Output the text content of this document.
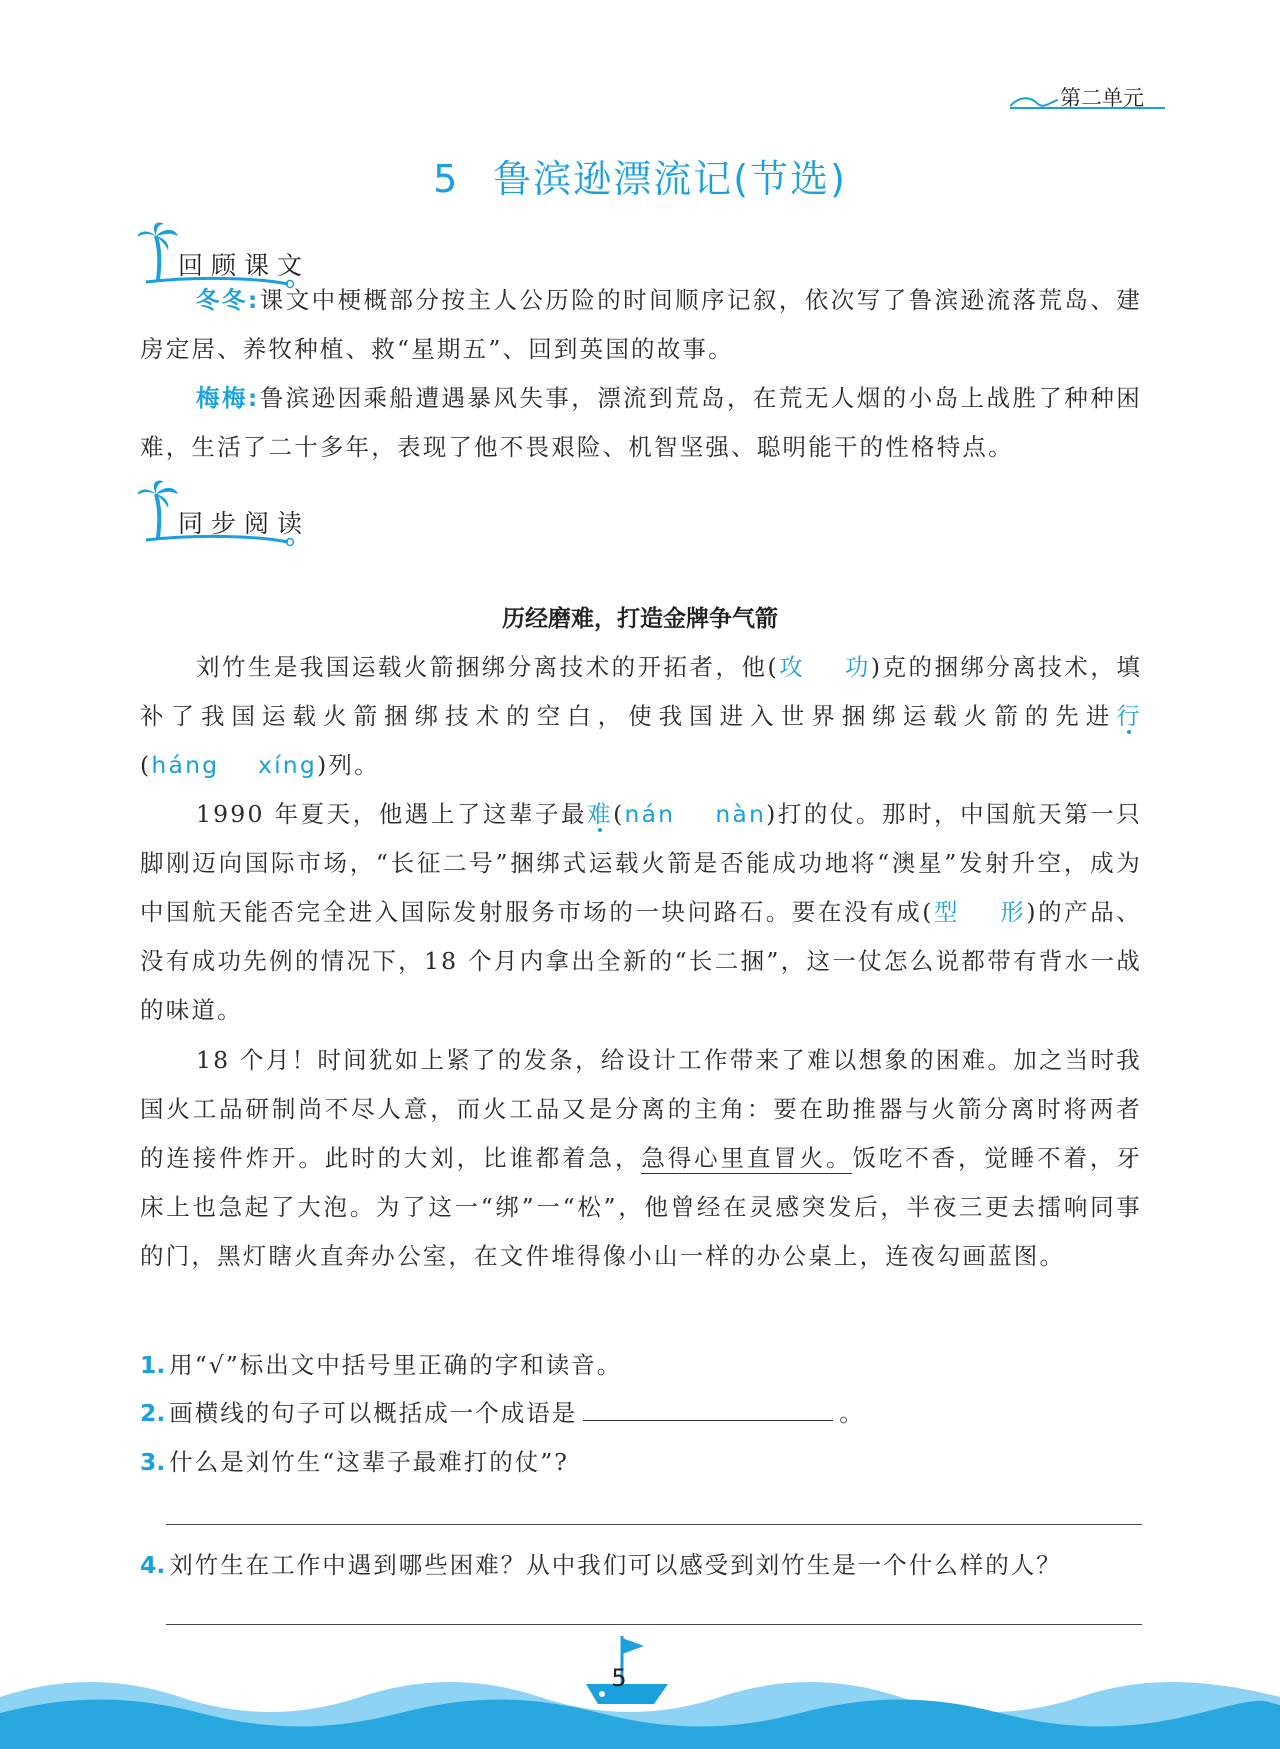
第二单元
5 鲁滨逊漂流记(节选)
回顾课文

冬冬:课文中梗概部分按主人公历险的时间顺序记叙，依次写了鲁滨逊流落荒岛、建房定居、养牧种植、救“星期五”、回到英国的故事。

梅梅:鲁滨逊因乘船遭遇暴风失事，漂流到荒岛，在荒无人烟的小岛上战胜了种种困难，生活了二十多年，表现了他不畏艰险、机智坚强、聪明能干的性格特点。

同步阅读
历经磨难，打造金牌争气箭

刘竹生是我国运载火箭捆绑分离技术的开拓者，他(攻 功)克的捆绑分离技术，填补了我国运载火箭捆绑技术的空白，使我国进入世界捆绑运载火箭的先进行(háng xíng)列。

1990 年夏天，他遇上了这辈子最难(nán nàn)打的仗。那时，中国航天第一只脚刚迈向国际市场，“长征二号”捆绑式运载火箭是否能成功地将“澳星”发射升空，成为中国航天能否完全进入国际发射服务市场的一块问路石。要在没有成(型 形)的产品、没有成功先例的情况下，18 个月内拿出全新的“长二捆”，这一仗怎么说都带有背水一战的味道。

18 个月！时间犹如上紧了的发条，给设计工作带来了难以想象的困难。加之当时我国火工品研制尚不尽人意，而火工品又是分离的主角：要在助推器与火箭分离时将两者的连接件炸开。此时的大刘，比谁都着急，急得心里直冒火。饭吃不香，觉睡不着，牙床上也急起了大泡。为了这一“绑”一“松”，他曾经在灵感突发后，半夜三更去擂响同事的门，黑灯瞎火直奔办公室，在文件堆得像小山一样的办公桌上，连夜勾画蓝图。

1. 用“√”标出文中括号里正确的字和读音。
2. 画横线的句子可以概括成一个成语是	。
3. 什么是刘竹生“这辈子最难打的仗”?
4. 刘竹生在工作中遇到哪些困难？从中我们可以感受到刘竹生是一个什么样的人？
5
